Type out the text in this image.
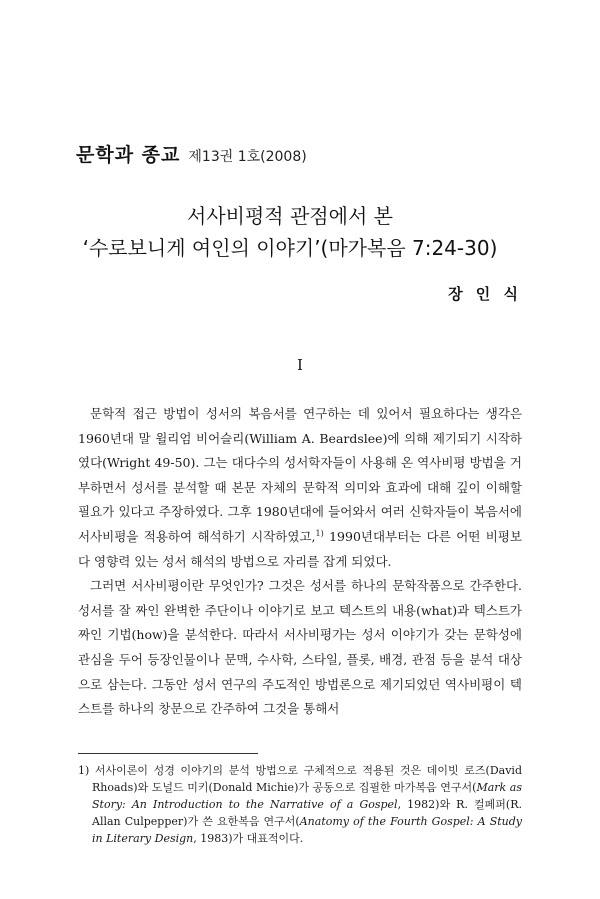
문학과 종교 제13권 1호(2008)
서사비평적 관점에서 본
‘수로보니게 여인의 이야기’(마가복음 7:24-30)
장 인 식
I

문학적 접근 방법이 성서의 복음서를 연구하는 데 있어서 필요하다는 생각은 1960년대 말 윌리엄 비어슬리(William A. Beardslee)에 의해 제기되기 시작하였다(Wright 49-50). 그는 대다수의 성서학자들이 사용해 온 역사비평 방법을 거부하면서 성서를 분석할 때 본문 자체의 문학적 의미와 효과에 대해 깊이 이해할 필요가 있다고 주장하였다. 그후 1980년대에 들어와서 여러 신학자들이 복음서에 서사비평을 적용하여 해석하기 시작하였고,$^{1)}$ 1990년대부터는 다른 어떤 비평보다 영향력 있는 성서 해석의 방법으로 자리를 잡게 되었다.

그러면 서사비평이란 무엇인가? 그것은 성서를 하나의 문학작품으로 간주한다. 성서를 잘 짜인 완벽한 주단이나 이야기로 보고 텍스트의 내용(what)과 텍스트가 짜인 기법(how)을 분석한다. 따라서 서사비평가는 성서 이야기가 갖는 문학성에 관심을 두어 등장인물이나 문맥, 수사학, 스타일, 플롯, 배경, 관점 등을 분석 대상으로 삼는다. 그동안 성서 연구의 주도적인 방법론으로 제기되었던 역사비평이 텍스트를 하나의 창문으로 간주하여 그것을 통해서

1) 서사이론이 성경 이야기의 분석 방법으로 구체적으로 적용된 것은 데이빗 로즈(David Rhoads)와 도널드 미키(Donald Michie)가 공동으로 집필한 마가복음 연구서(Mark as Story: An Introduction to the Narrative of a Gospel, 1982)와 R. 컬페퍼(R. Allan Culpepper)가 쓴 요한복음 연구서(Anatomy of the Fourth Gospel: A Study in Literary Design, 1983)가 대표적이다.
